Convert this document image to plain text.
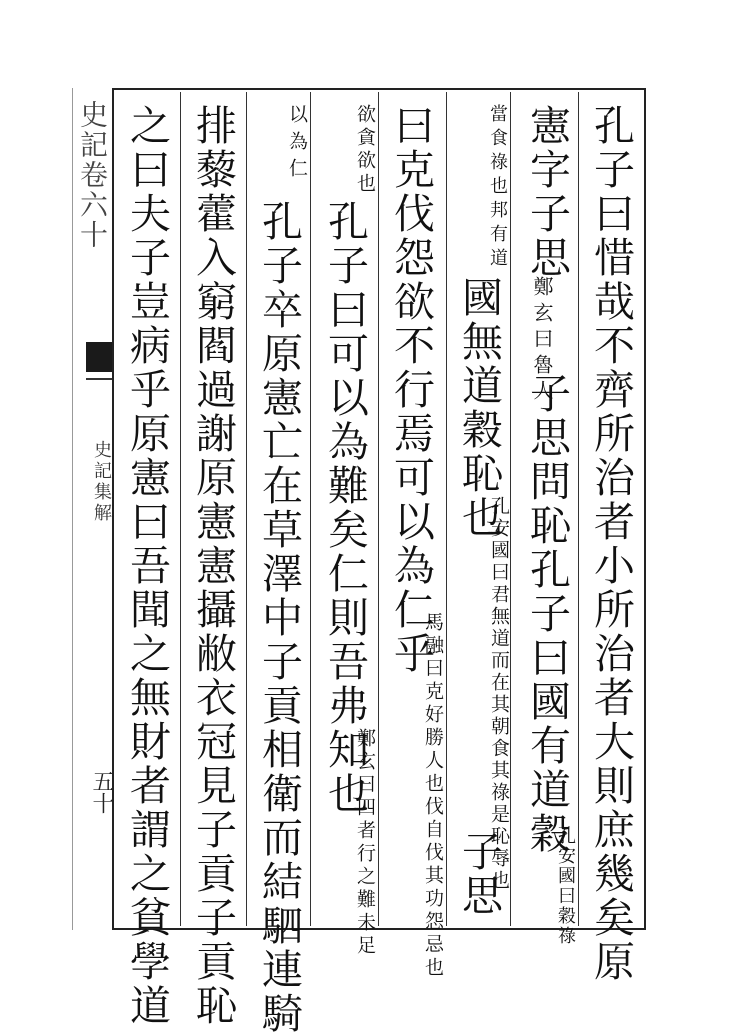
史記卷六十
史記集解
五十	孔子曰惜哉不齊所治者小所治者大則庶幾矣原
憲字子思
鄭玄曰魯人
子思問恥孔子曰國有道穀
孔安國曰穀祿
當食祿也邦有道
國無道穀恥也
孔安國曰君無道而在其朝食其祿是恥辱也
子思
曰克伐怨欲不行焉可以為仁乎
馬融曰克好勝人也伐自伐其功怨忌也
欲貪欲也
孔子曰可以為難矣仁則吾弗知也
鄭玄曰四者行之難未足
以為仁
孔子卒原憲亡在草澤中子貢相衛而結駟連騎
排藜藿入窮閻過謝原憲憲攝敝衣冠見子貢子貢恥
之曰夫子豈病乎原憲曰吾聞之無財者謂之貧學道
